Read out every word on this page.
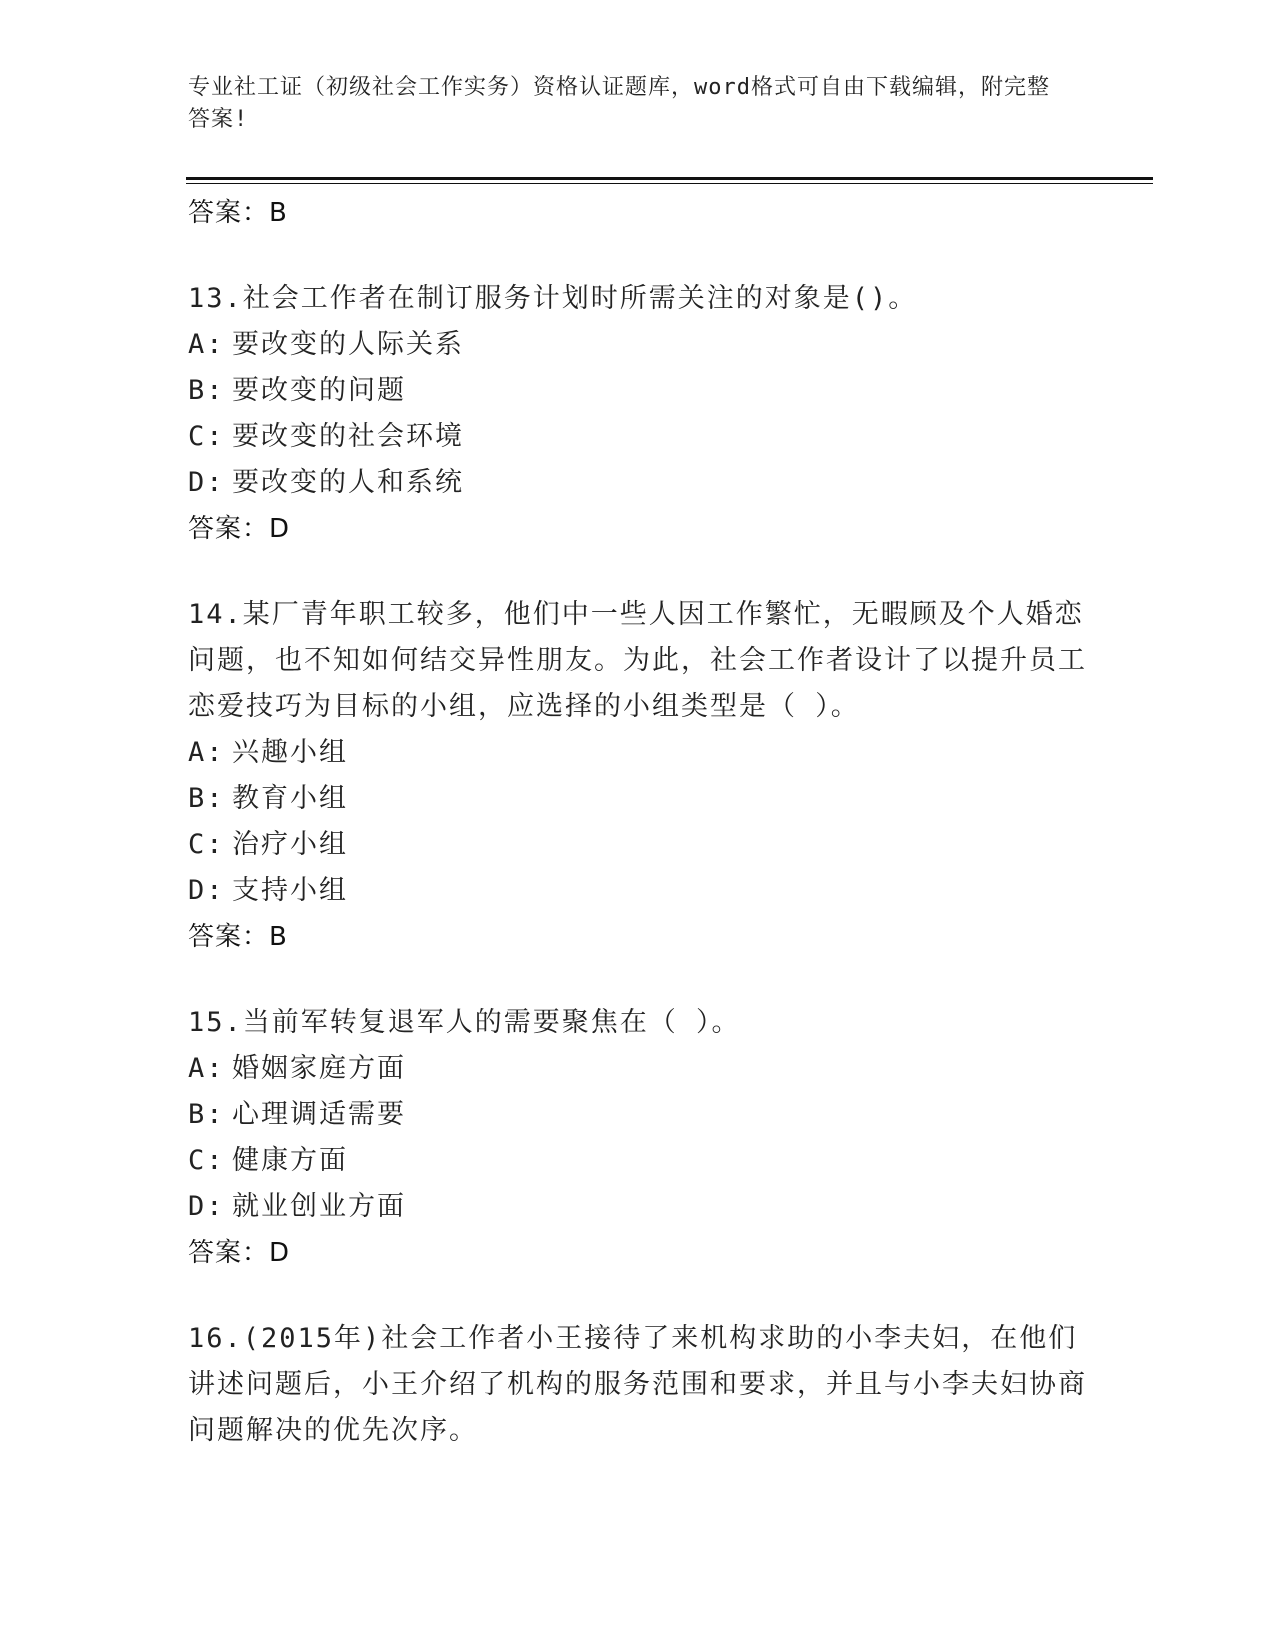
专业社工证（初级社会工作实务）资格认证题库，word格式可自由下载编辑，附完整答案!
答案：B
13.社会工作者在制订服务计划时所需关注的对象是()。
A: 要改变的人际关系
B: 要改变的问题
C: 要改变的社会环境
D: 要改变的人和系统
答案：D
14.某厂青年职工较多，他们中一些人因工作繁忙，无暇顾及个人婚恋问题，也不知如何结交异性朋友。为此，社会工作者设计了以提升员工恋爱技巧为目标的小组，应选择的小组类型是（ ）。
A: 兴趣小组
B: 教育小组
C: 治疗小组
D: 支持小组
答案：B
15.当前军转复退军人的需要聚焦在（ ）。
A: 婚姻家庭方面
B: 心理调适需要
C: 健康方面
D: 就业创业方面
答案：D
16.(2015年)社会工作者小王接待了来机构求助的小李夫妇，在他们讲述问题后，小王介绍了机构的服务范围和要求，并且与小李夫妇协商问题解决的优先次序。
